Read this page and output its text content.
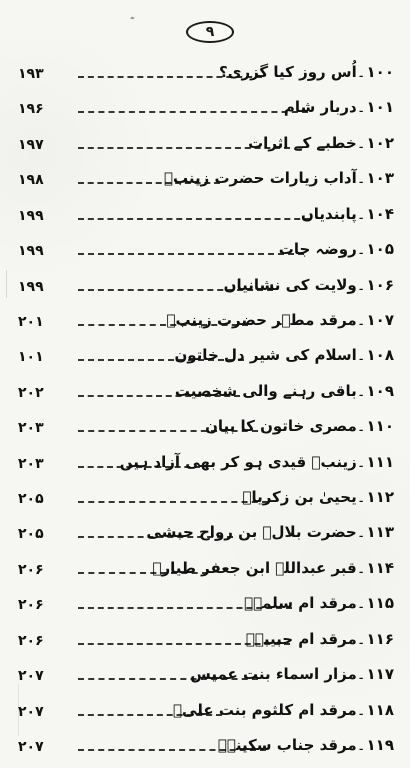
۹
۱۹۳	۱۰۰۔اُس روز کیا گزری؟
۱۹۶	۱۰۱۔دربار شام
۱۹۷	۱۰۲۔خطبے کے اثرات
۱۹۸	۱۰۳۔آداب زیارات حضرت زینبؑ
۱۹۹	۱۰۴۔پابندیاں
۱۹۹	۱۰۵۔روضہ جات
۱۹۹	۱۰۶۔ولایت کی نشانیاں
۲۰۱	۱۰۷۔مرقد مطہر حضرت زینبؑ
۱۰۱	۱۰۸۔اسلام کی شیر دل خاتون
۲۰۲	۱۰۹۔باقی رہنے والی شخصیت
۲۰۳	۱۱۰۔مصری خاتون کا بیان
۲۰۳	۱۱۱۔زینبؑ قیدی ہو کر بھی آزاد ہیں
۲۰۵	۱۱۲۔یحییٰ بن زکریاؑ
۲۰۵	۱۱۳۔حضرت بلالؓ بن رواح حبشی
۲۰۶	۱۱۴۔قبر عبداللہ ابن جعفر طیارؓ
۲۰۶	۱۱۵۔مرقد ام سلمہؓ
۲۰۶	۱۱۶۔مرقد ام حبیبہؓ
۲۰۷	۱۱۷۔مزار اسماء بنت عمیس
۲۰۷	۱۱۸۔مرقد ام کلثوم بنت علیؑ
۲۰۷	۱۱۹۔مرقد جناب سکینہؑ
